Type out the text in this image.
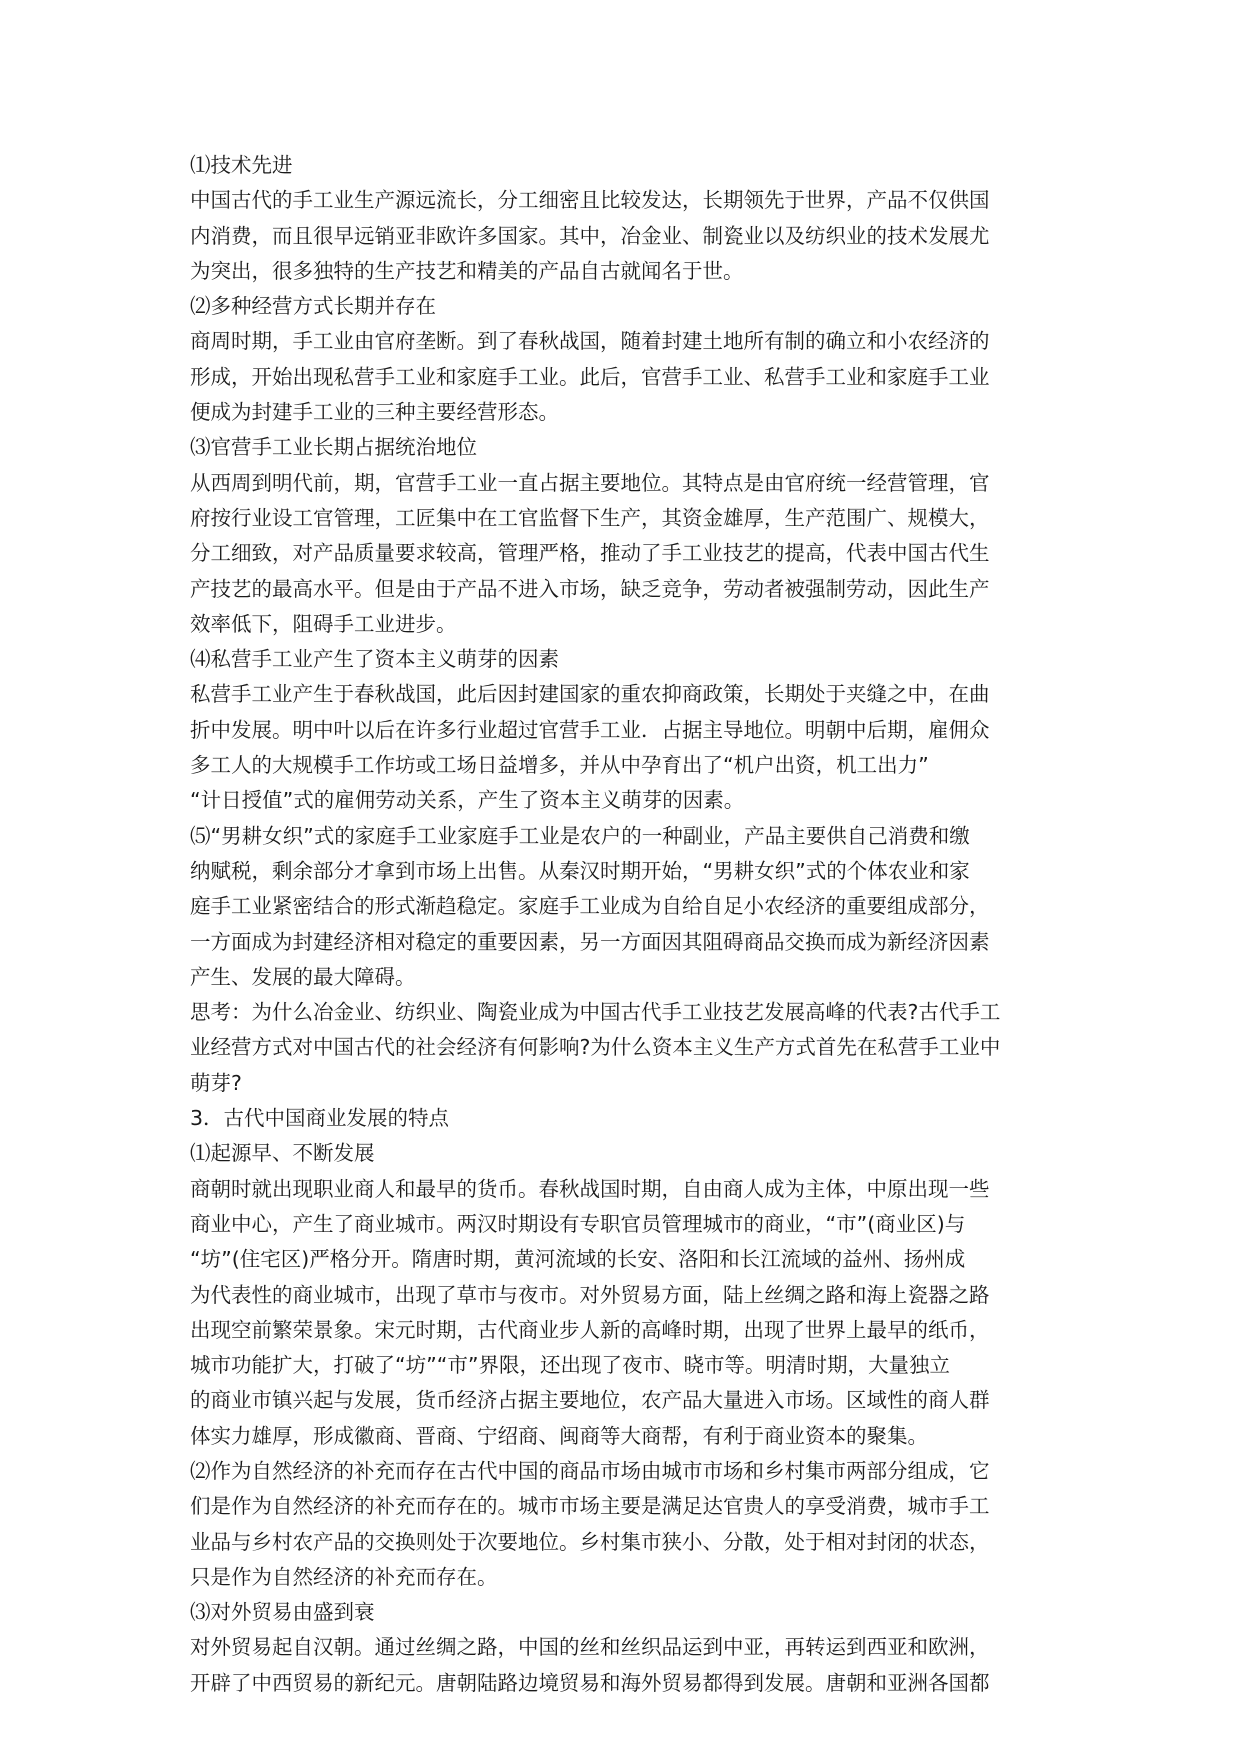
⑴技术先进
中国古代的手工业生产源远流长，分工细密且比较发达，长期领先于世界，产品不仅供国
内消费，而且很早远销亚非欧许多国家。其中，冶金业、制瓷业以及纺织业的技术发展尤
为突出，很多独特的生产技艺和精美的产品自古就闻名于世。
⑵多种经营方式长期并存在
商周时期，手工业由官府垄断。到了春秋战国，随着封建土地所有制的确立和小农经济的
形成，开始出现私营手工业和家庭手工业。此后，官营手工业、私营手工业和家庭手工业
便成为封建手工业的三种主要经营形态。
⑶官营手工业长期占据统治地位
从西周到明代前，期，官营手工业一直占据主要地位。其特点是由官府统一经营管理，官
府按行业设工官管理，工匠集中在工官监督下生产，其资金雄厚，生产范围广、规模大，
分工细致，对产品质量要求较高，管理严格，推动了手工业技艺的提高，代表中国古代生
产技艺的最高水平。但是由于产品不进入市场，缺乏竞争，劳动者被强制劳动，因此生产
效率低下，阻碍手工业进步。
⑷私营手工业产生了资本主义萌芽的因素
私营手工业产生于春秋战国，此后因封建国家的重农抑商政策，长期处于夹缝之中，在曲
折中发展。明中叶以后在许多行业超过官营手工业．占据主导地位。明朝中后期，雇佣众
多工人的大规模手工作坊或工场日益增多，并从中孕育出了“机户出资，机工出力”
“计日授值”式的雇佣劳动关系，产生了资本主义萌芽的因素。
⑸“男耕女织”式的家庭手工业家庭手工业是农户的一种副业，产品主要供自己消费和缴
纳赋税，剩余部分才拿到市场上出售。从秦汉时期开始，“男耕女织”式的个体农业和家
庭手工业紧密结合的形式渐趋稳定。家庭手工业成为自给自足小农经济的重要组成部分，
一方面成为封建经济相对稳定的重要因素，另一方面因其阻碍商品交换而成为新经济因素
产生、发展的最大障碍。
思考：为什么冶金业、纺织业、陶瓷业成为中国古代手工业技艺发展高峰的代表?古代手工
业经营方式对中国古代的社会经济有何影响?为什么资本主义生产方式首先在私营手工业中
萌芽?
3．古代中国商业发展的特点
⑴起源早、不断发展
商朝时就出现职业商人和最早的货币。春秋战国时期，自由商人成为主体，中原出现一些
商业中心，产生了商业城市。两汉时期设有专职官员管理城市的商业，“市”(商业区)与
“坊”(住宅区)严格分开。隋唐时期，黄河流域的长安、洛阳和长江流域的益州、扬州成
为代表性的商业城市，出现了草市与夜市。对外贸易方面，陆上丝绸之路和海上瓷器之路
出现空前繁荣景象。宋元时期，古代商业步人新的高峰时期，出现了世界上最早的纸币，
城市功能扩大，打破了“坊”“市”界限，还出现了夜市、晓市等。明清时期，大量独立
的商业市镇兴起与发展，货币经济占据主要地位，农产品大量进入市场。区域性的商人群
体实力雄厚，形成徽商、晋商、宁绍商、闽商等大商帮，有利于商业资本的聚集。
⑵作为自然经济的补充而存在古代中国的商品市场由城市市场和乡村集市两部分组成，它
们是作为自然经济的补充而存在的。城市市场主要是满足达官贵人的享受消费，城市手工
业品与乡村农产品的交换则处于次要地位。乡村集市狭小、分散，处于相对封闭的状态，
只是作为自然经济的补充而存在。
⑶对外贸易由盛到衰
对外贸易起自汉朝。通过丝绸之路，中国的丝和丝织品运到中亚，再转运到西亚和欧洲，
开辟了中西贸易的新纪元。唐朝陆路边境贸易和海外贸易都得到发展。唐朝和亚洲各国都
